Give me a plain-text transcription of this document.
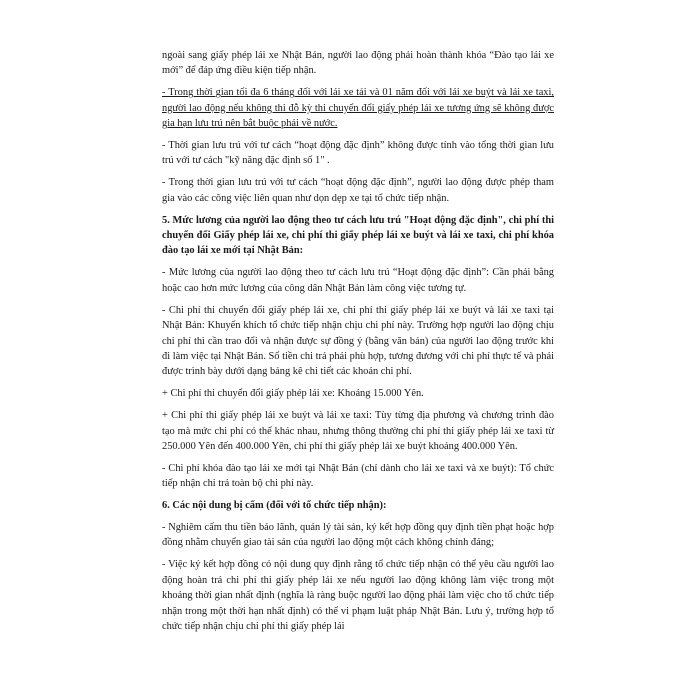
ngoài sang giấy phép lái xe Nhật Bản, người lao động phải hoàn thành khóa “Đào tạo lái xe mới” để đáp ứng điều kiện tiếp nhận.

- Trong thời gian tối đa 6 tháng đối với lái xe tải và 01 năm đối với lái xe buýt và lái xe taxi, người lao động nếu không thi đỗ kỳ thi chuyển đổi giấy phép lái xe tương ứng sẽ không được gia hạn lưu trú nên bắt buộc phải về nước.

- Thời gian lưu trú với tư cách “hoạt động đặc định” không được tính vào tổng thời gian lưu trú với tư cách "kỹ năng đặc định số 1" .

- Trong thời gian lưu trú với tư cách “hoạt động đặc định”, người lao động được phép tham gia vào các công việc liên quan như dọn dẹp xe tại tổ chức tiếp nhận.

5. Mức lương của người lao động theo tư cách lưu trú "Hoạt động đặc định", chi phí thi chuyển đổi Giấy phép lái xe, chi phí thi giấy phép lái xe buýt và lái xe taxi, chi phí khóa đào tạo lái xe mới tại Nhật Bản:

- Mức lương của người lao động theo tư cách lưu trú “Hoạt động đặc định”: Cần phải bằng hoặc cao hơn mức lương của công dân Nhật Bản làm công việc tương tự.

- Chi phí thi chuyển đổi giấy phép lái xe, chi phí thi giấy phép lái xe buýt và lái xe taxi tại Nhật Bản: Khuyến khích tổ chức tiếp nhận chịu chi phí này. Trường hợp người lao động chịu chi phí thì cần trao đổi và nhận được sự đồng ý (bằng văn bản) của người lao động trước khi đi làm việc tại Nhật Bản. Số tiền chi trả phải phù hợp, tương đương với chi phí thực tế và phải được trình bày dưới dạng bảng kê chi tiết các khoản chi phí.

+ Chi phí thi chuyển đổi giấy phép lái xe: Khoảng 15.000 Yên.

+ Chi phí thi giấy phép lái xe buýt và lái xe taxi: Tùy từng địa phương và chương trình đào tạo mà mức chi phí có thể khác nhau, nhưng thông thường chi phí thi giấy phép lái xe taxi từ 250.000 Yên đến 400.000 Yên, chi phí thi giấy phép lái xe buýt khoảng 400.000 Yên.

- Chi phí khóa đào tạo lái xe mới tại Nhật Bản (chỉ dành cho lái xe taxi và xe buýt): Tổ chức tiếp nhận chi trả toàn bộ chi phí này.

6. Các nội dung bị cấm (đối với tổ chức tiếp nhận):

- Nghiêm cấm thu tiền bảo lãnh, quản lý tài sản, ký kết hợp đồng quy định tiền phạt hoặc hợp đồng nhằm chuyển giao tài sản của người lao động một cách không chính đáng;

- Việc ký kết hợp đồng có nội dung quy định rằng tổ chức tiếp nhận có thể yêu cầu người lao động hoàn trả chi phí thi giấy phép lái xe nếu người lao động không làm việc trong một khoảng thời gian nhất định (nghĩa là ràng buộc người lao động phải làm việc cho tổ chức tiếp nhận trong một thời hạn nhất định) có thể vi phạm luật pháp Nhật Bản. Lưu ý, trường hợp tổ chức tiếp nhận chịu chi phí thi giấy phép lái
